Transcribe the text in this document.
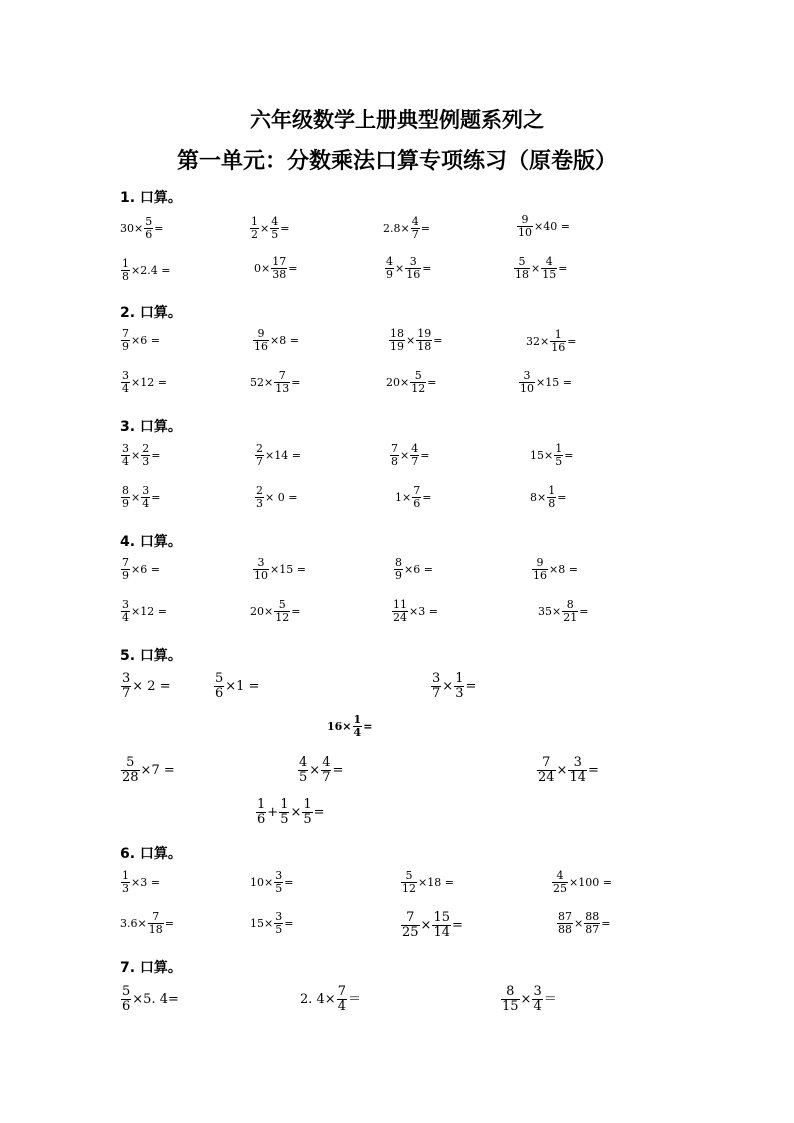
六年级数学上册典型例题系列之
第一单元：分数乘法口算专项练习（原卷版）
1. 口算。
$30\times \frac{5}{6}$ =	$\frac{1}{2} \times \frac{4}{5}$ =	$2.8\times \frac{4}{7}$ =	$\frac{9}{10} \times 40$ =
$\frac{1}{8} \times 2.4$ =	$0\times \frac{17}{38}$ =	$\frac{4}{9} \times \frac{3}{16}$ =	$\frac{5}{18} \times \frac{4}{15}$ =
2. 口算。
$\frac{7}{9} \times 6$ =	$\frac{9}{16} \times 8$ =	$\frac{18}{19} \times \frac{19}{18}$ =	$32\times \frac{1}{16}$ =
$\frac{3}{4} \times 12$ =	$52\times \frac{7}{13}$ =	$20\times \frac{5}{12}$ =	$\frac{3}{10} \times 15$ =
3. 口算。
$\frac{3}{4} \times \frac{2}{3}$ =	$\frac{2}{7} \times 14$ =	$\frac{7}{8} \times \frac{4}{7}$ =	$15\times \frac{1}{5}$ =
$\frac{8}{9} \times \frac{3}{4}$ =	$\frac{2}{3} \times 0$ =	$1\times \frac{7}{6}$ =	$8\times \frac{1}{8}$ =
4. 口算。
$\frac{7}{9} \times 6$ =	$\frac{3}{10} \times 15$ =	$\frac{8}{9} \times 6$ =	$\frac{9}{16} \times 8$ =
$\frac{3}{4} \times 12$ =	$20\times \frac{5}{12}$ =	$\frac{11}{24} \times 3$ =	$35\times \frac{8}{21}$ =
5. 口算。
$\frac{3}{7} \times 2$ =	$\frac{5}{6} \times 1$ =	$\frac{3}{7} \times \frac{1}{3}$ =
$16\times \frac{1}{4}$ =
$\frac{5}{28} \times 7$ =	$\frac{4}{5} \times \frac{4}{7}$ =	$\frac{7}{24} \times \frac{3}{14}$ =
$\frac{1}{6} + \frac{1}{5} \times \frac{1}{5}$ =
6. 口算。
$\frac{1}{3} \times 3$ =	$10\times \frac{3}{5}$ =	$\frac{5}{12} \times 18$ =	$\frac{4}{25} \times 100$ =
$3.6\times \frac{7}{18}$ =	$15\times \frac{3}{5}$ =	$\frac{7}{25} \times \frac{15}{14}$ =	$\frac{87}{88} \times \frac{88}{87}$ =
7. 口算。
$\frac{5}{6} \times 5$. 4=	2. $4\times \frac{7}{4}$ ＝	$\frac{8}{15} \times \frac{3}{4}$ ＝
